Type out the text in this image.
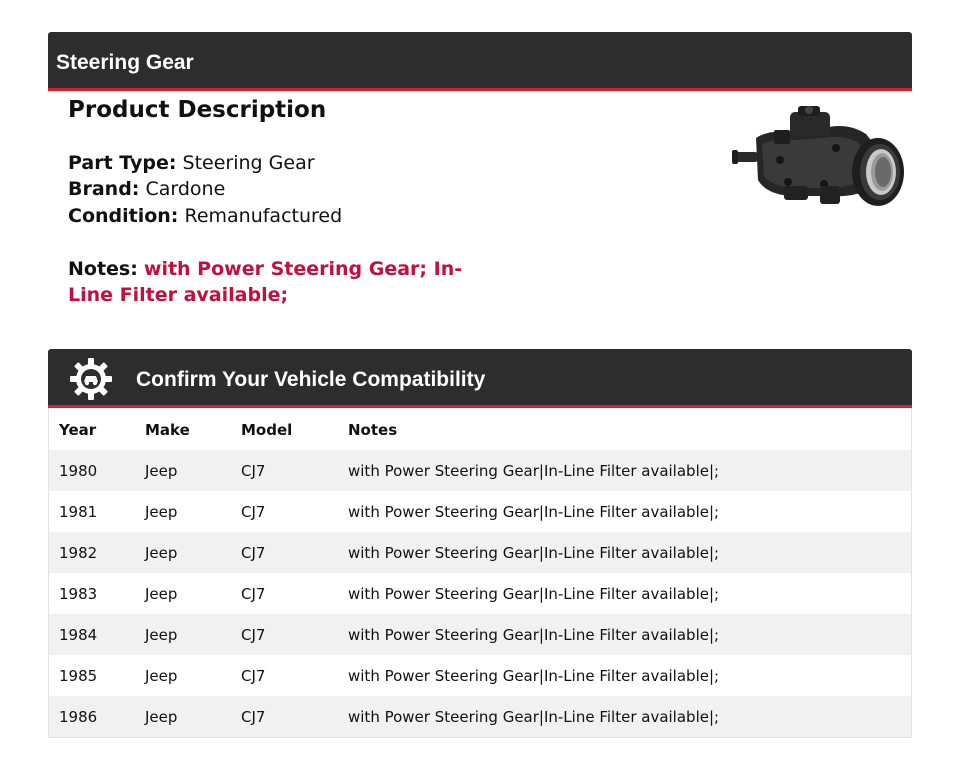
Steering Gear
Product Description
Part Type: Steering Gear
Brand: Cardone
Condition: Remanufactured
Notes: with Power Steering Gear; In-Line Filter available;
Confirm Your Vehicle Compatibility
Year	Make	Model	Notes
1980	Jeep	CJ7	with Power Steering Gear|In-Line Filter available|;
1981	Jeep	CJ7	with Power Steering Gear|In-Line Filter available|;
1982	Jeep	CJ7	with Power Steering Gear|In-Line Filter available|;
1983	Jeep	CJ7	with Power Steering Gear|In-Line Filter available|;
1984	Jeep	CJ7	with Power Steering Gear|In-Line Filter available|;
1985	Jeep	CJ7	with Power Steering Gear|In-Line Filter available|;
1986	Jeep	CJ7	with Power Steering Gear|In-Line Filter available|;
